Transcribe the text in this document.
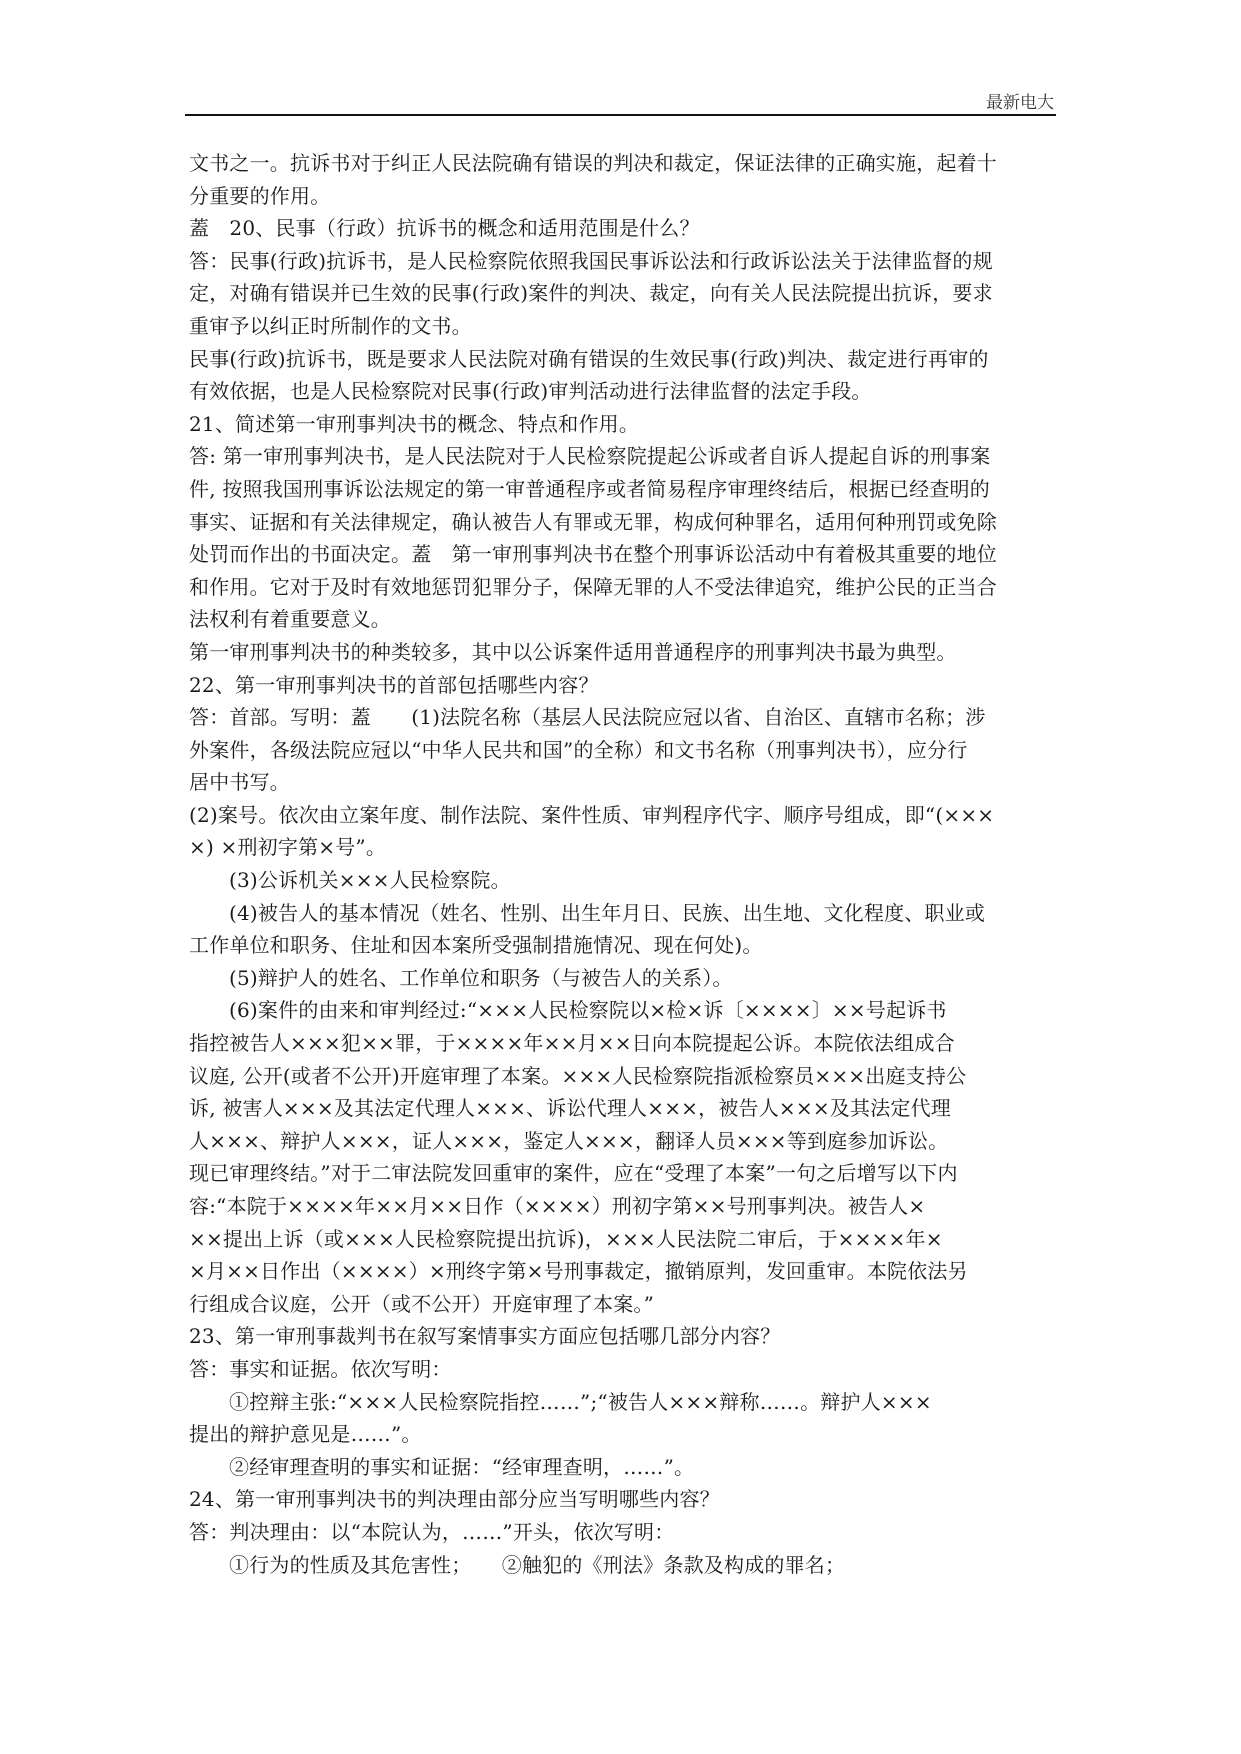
最新电大
文书之一。抗诉书对于纠正人民法院确有错误的判决和裁定，保证法律的正确实施，起着十
分重要的作用。
蓋　20、民事（行政）抗诉书的概念和适用范围是什么？
答：民事(行政)抗诉书，是人民检察院依照我国民事诉讼法和行政诉讼法关于法律监督的规
定，对确有错误并已生效的民事(行政)案件的判决、裁定，向有关人民法院提出抗诉，要求
重审予以纠正时所制作的文书。
民事(行政)抗诉书，既是要求人民法院对确有错误的生效民事(行政)判决、裁定进行再审的
有效依据，也是人民检察院对民事(行政)审判活动进行法律监督的法定手段。
21、简述第一审刑事判决书的概念、特点和作用。
答: 第一审刑事判决书，是人民法院对于人民检察院提起公诉或者自诉人提起自诉的刑事案
件, 按照我国刑事诉讼法规定的第一审普通程序或者简易程序审理终结后，根据已经查明的
事实、证据和有关法律规定，确认被告人有罪或无罪，构成何种罪名，适用何种刑罚或免除
处罚而作出的书面决定。蓋　第一审刑事判决书在整个刑事诉讼活动中有着极其重要的地位
和作用。它对于及时有效地惩罚犯罪分子，保障无罪的人不受法律追究，维护公民的正当合
法权利有着重要意义。
第一审刑事判决书的种类较多，其中以公诉案件适用普通程序的刑事判决书最为典型。
22、第一审刑事判决书的首部包括哪些内容？
答：首部。写明：蓋　　(1)法院名称（基层人民法院应冠以省、自治区、直辖市名称；涉
外案件，各级法院应冠以“中华人民共和国”的全称）和文书名称（刑事判决书），应分行
居中书写。
(2)案号。依次由立案年度、制作法院、案件性质、审判程序代字、顺序号组成，即“(×××
×) ×刑初字第×号”。
(3)公诉机关×××人民检察院。
(4)被告人的基本情况（姓名、性别、出生年月日、民族、出生地、文化程度、职业或
工作单位和职务、住址和因本案所受强制措施情况、现在何处)。
(5)辩护人的姓名、工作单位和职务（与被告人的关系）。
(6)案件的由来和审判经过:“×××人民检察院以×检×诉〔××××〕××号起诉书
指控被告人×××犯××罪，于××××年××月××日向本院提起公诉。本院依法组成合
议庭, 公开(或者不公开)开庭审理了本案。×××人民检察院指派检察员×××出庭支持公
诉, 被害人×××及其法定代理人×××、诉讼代理人×××，被告人×××及其法定代理
人×××、辩护人×××，证人×××，鉴定人×××，翻译人员×××等到庭参加诉讼。
现已审理终结。”对于二审法院发回重审的案件，应在“受理了本案”一句之后增写以下内
容:“本院于××××年××月××日作（××××）刑初字第××号刑事判决。被告人×
××提出上诉（或×××人民检察院提出抗诉)，×××人民法院二审后，于××××年×
×月××日作出（××××）×刑终字第×号刑事裁定，撤销原判，发回重审。本院依法另
行组成合议庭，公开（或不公开）开庭审理了本案。”
23、第一审刑事裁判书在叙写案情事实方面应包括哪几部分内容？
答：事实和证据。依次写明：
①控辩主张:“×××人民检察院指控……”;“被告人×××辩称……。辩护人×××
提出的辩护意见是……”。
②经审理查明的事实和证据：“经审理查明，……”。
24、第一审刑事判决书的判决理由部分应当写明哪些内容？
答：判决理由：以“本院认为，……”开头，依次写明：
①行为的性质及其危害性；　　②触犯的《刑法》条款及构成的罪名；
